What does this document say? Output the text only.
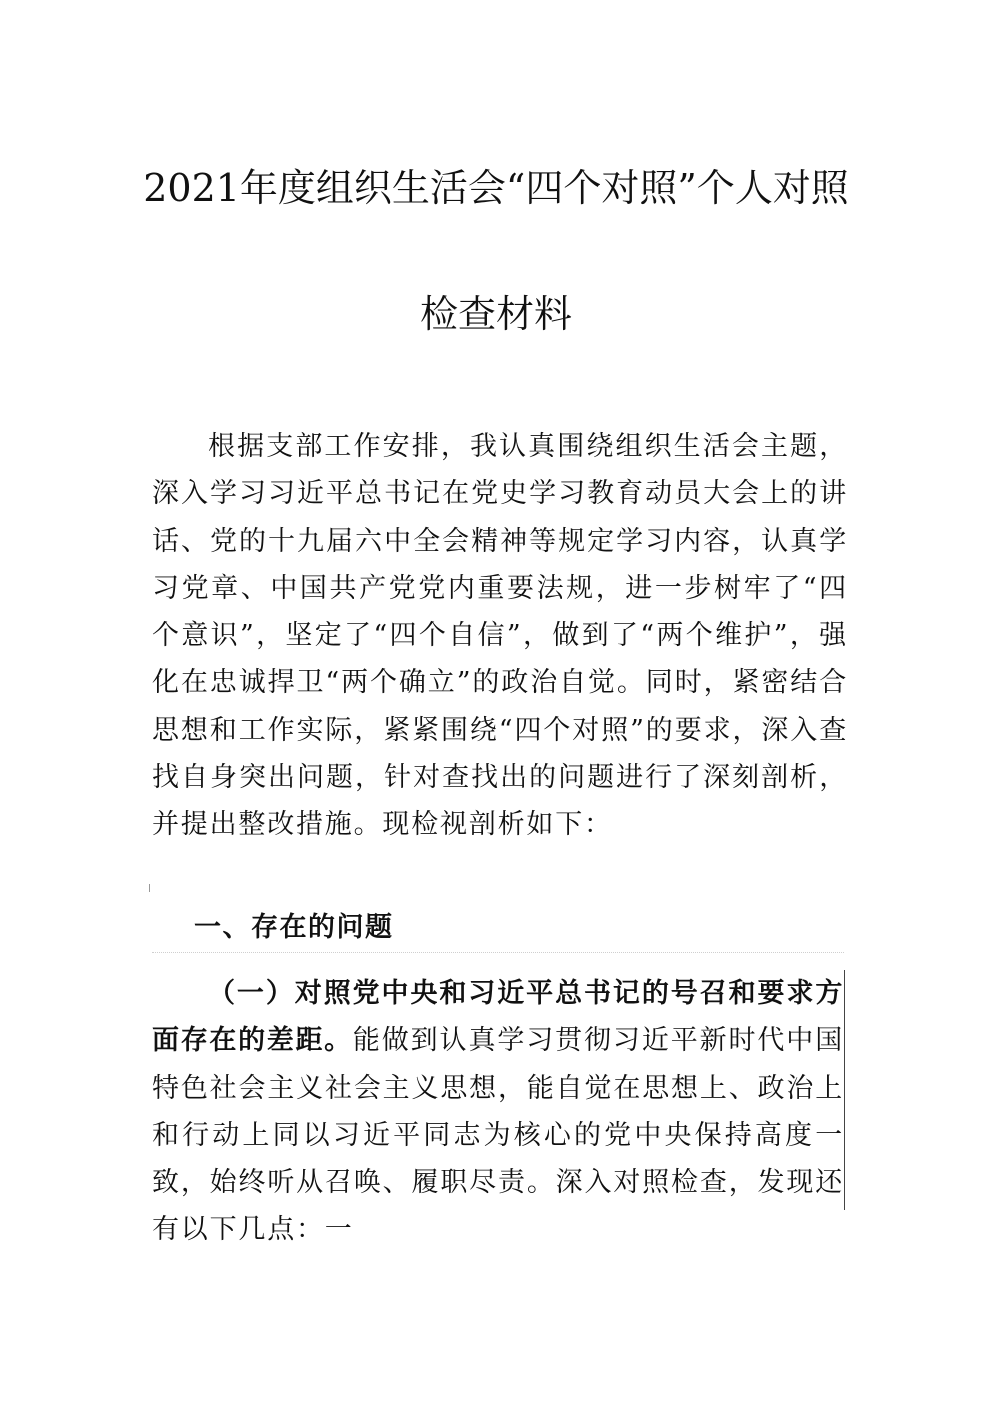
2021年度组织生活会“四个对照”个人对照
检查材料
根据支部工作安排，我认真围绕组织生活会主题，深入学习习近平总书记在党史学习教育动员大会上的讲话、党的十九届六中全会精神等规定学习内容，认真学习党章、中国共产党党内重要法规，进一步树牢了“四个意识”，坚定了“四个自信”，做到了“两个维护”，强化在忠诚捍卫“两个确立”的政治自觉。同时，紧密结合思想和工作实际，紧紧围绕“四个对照”的要求，深入查找自身突出问题，针对查找出的问题进行了深刻剖析，并提出整改措施。现检视剖析如下：
一、存在的问题
（一）对照党中央和习近平总书记的号召和要求方面存在的差距。能做到认真学习贯彻习近平新时代中国特色社会主义社会主义思想，能自觉在思想上、政治上和行动上同以习近平同志为核心的党中央保持高度一致，始终听从召唤、履职尽责。深入对照检查，发现还有以下几点：一
